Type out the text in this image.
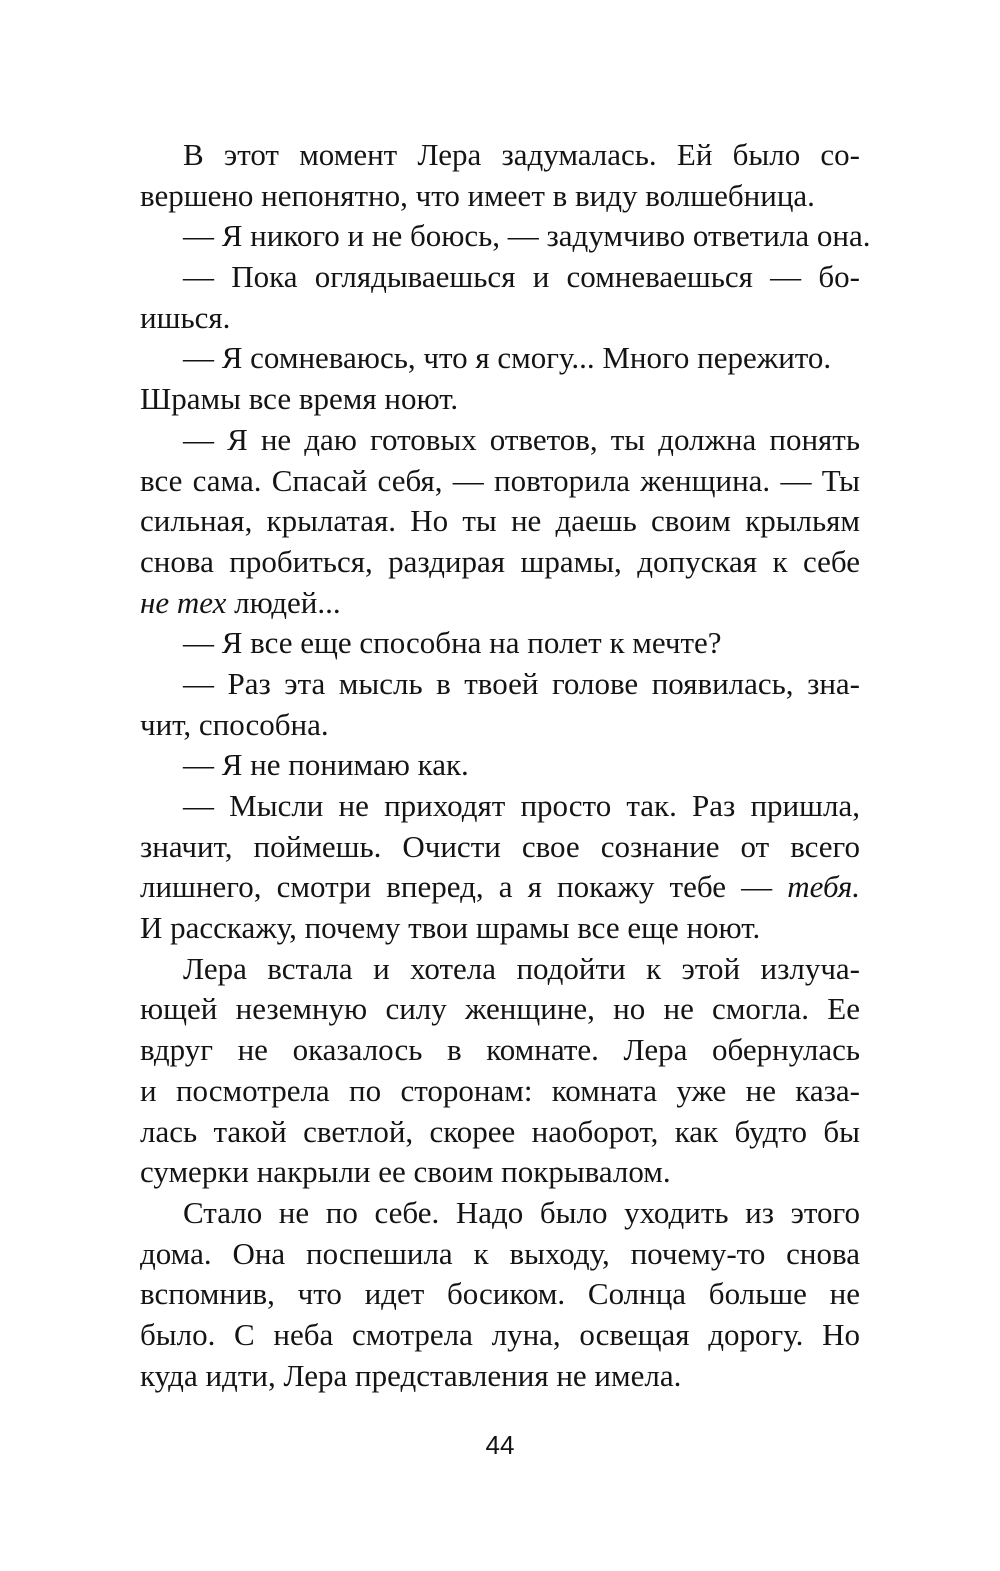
В этот момент Лера задумалась. Ей было со-
вершено непонятно, что имеет в виду волшебница.
— Я никого и не боюсь, — задумчиво ответила она.
— Пока оглядываешься и сомневаешься — бо-
ишься.
— Я сомневаюсь, что я смогу... Много пережито.
Шрамы все время ноют.
— Я не даю готовых ответов, ты должна понять
все сама. Спасай себя, — повторила женщина. — Ты
сильная, крылатая. Но ты не даешь своим крыльям
снова пробиться, раздирая шрамы, допуская к себе
не тех людей...
— Я все еще способна на полет к мечте?
— Раз эта мысль в твоей голове появилась, зна-
чит, способна.
— Я не понимаю как.
— Мысли не приходят просто так. Раз пришла,
значит, поймешь. Очисти свое сознание от всего
лишнего, смотри вперед, а я покажу тебе — тебя.
И расскажу, почему твои шрамы все еще ноют.
Лера встала и хотела подойти к этой излуча-
ющей неземную силу женщине, но не смогла. Ее
вдруг не оказалось в комнате. Лера обернулась
и посмотрела по сторонам: комната уже не каза-
лась такой светлой, скорее наоборот, как будто бы
сумерки накрыли ее своим покрывалом.
Стало не по себе. Надо было уходить из этого
дома. Она поспешила к выходу, почему-то снова
вспомнив, что идет босиком. Солнца больше не
было. С неба смотрела луна, освещая дорогу. Но
куда идти, Лера представления не имела.
44
